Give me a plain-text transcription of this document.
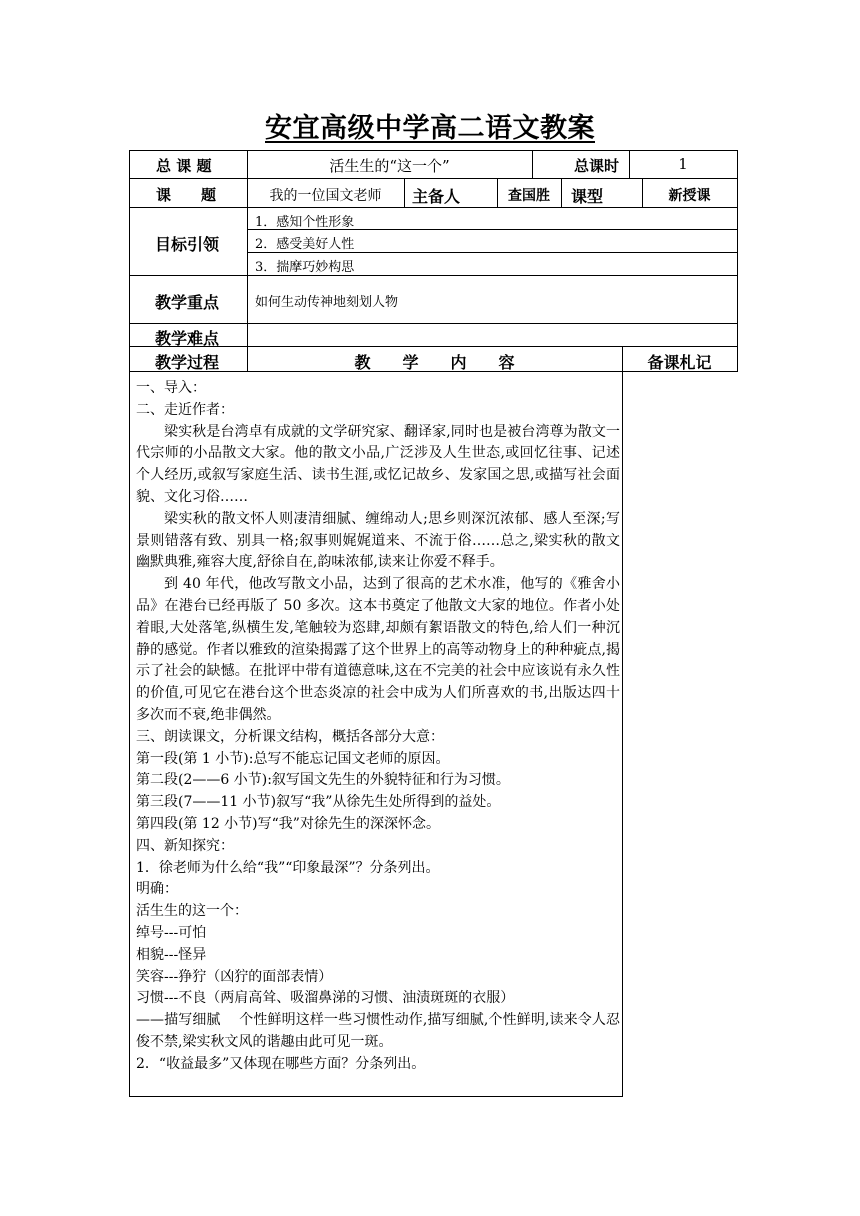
安宜高级中学高二语文教案
总 课 题	活生生的“这一个”	总课时	1
课　　题	我的一位国文老师	主备人	查国胜	课型	新授课
目标引领
1．感知个性形象
2．感受美好人性
3．揣摩巧妙构思
教学重点	如何生动传神地刻划人物
教学难点
教学过程	教　　学　　内　　容	备课札记

一、导入：

二、走近作者：

梁实秋是台湾卓有成就的文学研究家、翻译家,同时也是被台湾尊为散文一代宗师的小品散文大家。他的散文小品,广泛涉及人生世态,或回忆往事、记述个人经历,或叙写家庭生活、读书生涯,或忆记故乡、发家国之思,或描写社会面貌、文化习俗……

梁实秋的散文怀人则凄清细腻、缠绵动人;思乡则深沉浓郁、感人至深;写景则错落有致、别具一格;叙事则娓娓道来、不流于俗……总之,梁实秋的散文幽默典雅,雍容大度,舒徐自在,韵味浓郁,读来让你爱不释手。

到 40 年代，他改写散文小品，达到了很高的艺术水准，他写的《雅舍小品》在港台已经再版了 50 多次。这本书奠定了他散文大家的地位。作者小处着眼,大处落笔,纵横生发,笔触较为恣肆,却颇有絮语散文的特色,给人们一种沉静的感觉。作者以雅致的渲染揭露了这个世界上的高等动物身上的种种疵点,揭示了社会的缺憾。在批评中带有道德意味,这在不完美的社会中应该说有永久性的价值,可见它在港台这个世态炎凉的社会中成为人们所喜欢的书,出版达四十多次而不衰,绝非偶然。

三、朗读课文，分析课文结构，概括各部分大意：

第一段(第 1 小节):总写不能忘记国文老师的原因。

第二段(2——6 小节):叙写国文先生的外貌特征和行为习惯。

第三段(7——11 小节)叙写“我”从徐先生处所得到的益处。

第四段(第 12 小节)写“我”对徐先生的深深怀念。

四、新知探究：

1．徐老师为什么给“我”“印象最深”？分条列出。

明确：

活生生的这一个：

绰号---可怕

相貌---怪异

笑容---狰狞（凶狞的面部表情）

习惯---不良（两肩高耸、吸溜鼻涕的习惯、油渍斑斑的衣服）

——描写细腻　 个性鲜明这样一些习惯性动作,描写细腻,个性鲜明,读来令人忍俊不禁,梁实秋文风的谐趣由此可见一斑。

2．“收益最多”又体现在哪些方面？分条列出。
